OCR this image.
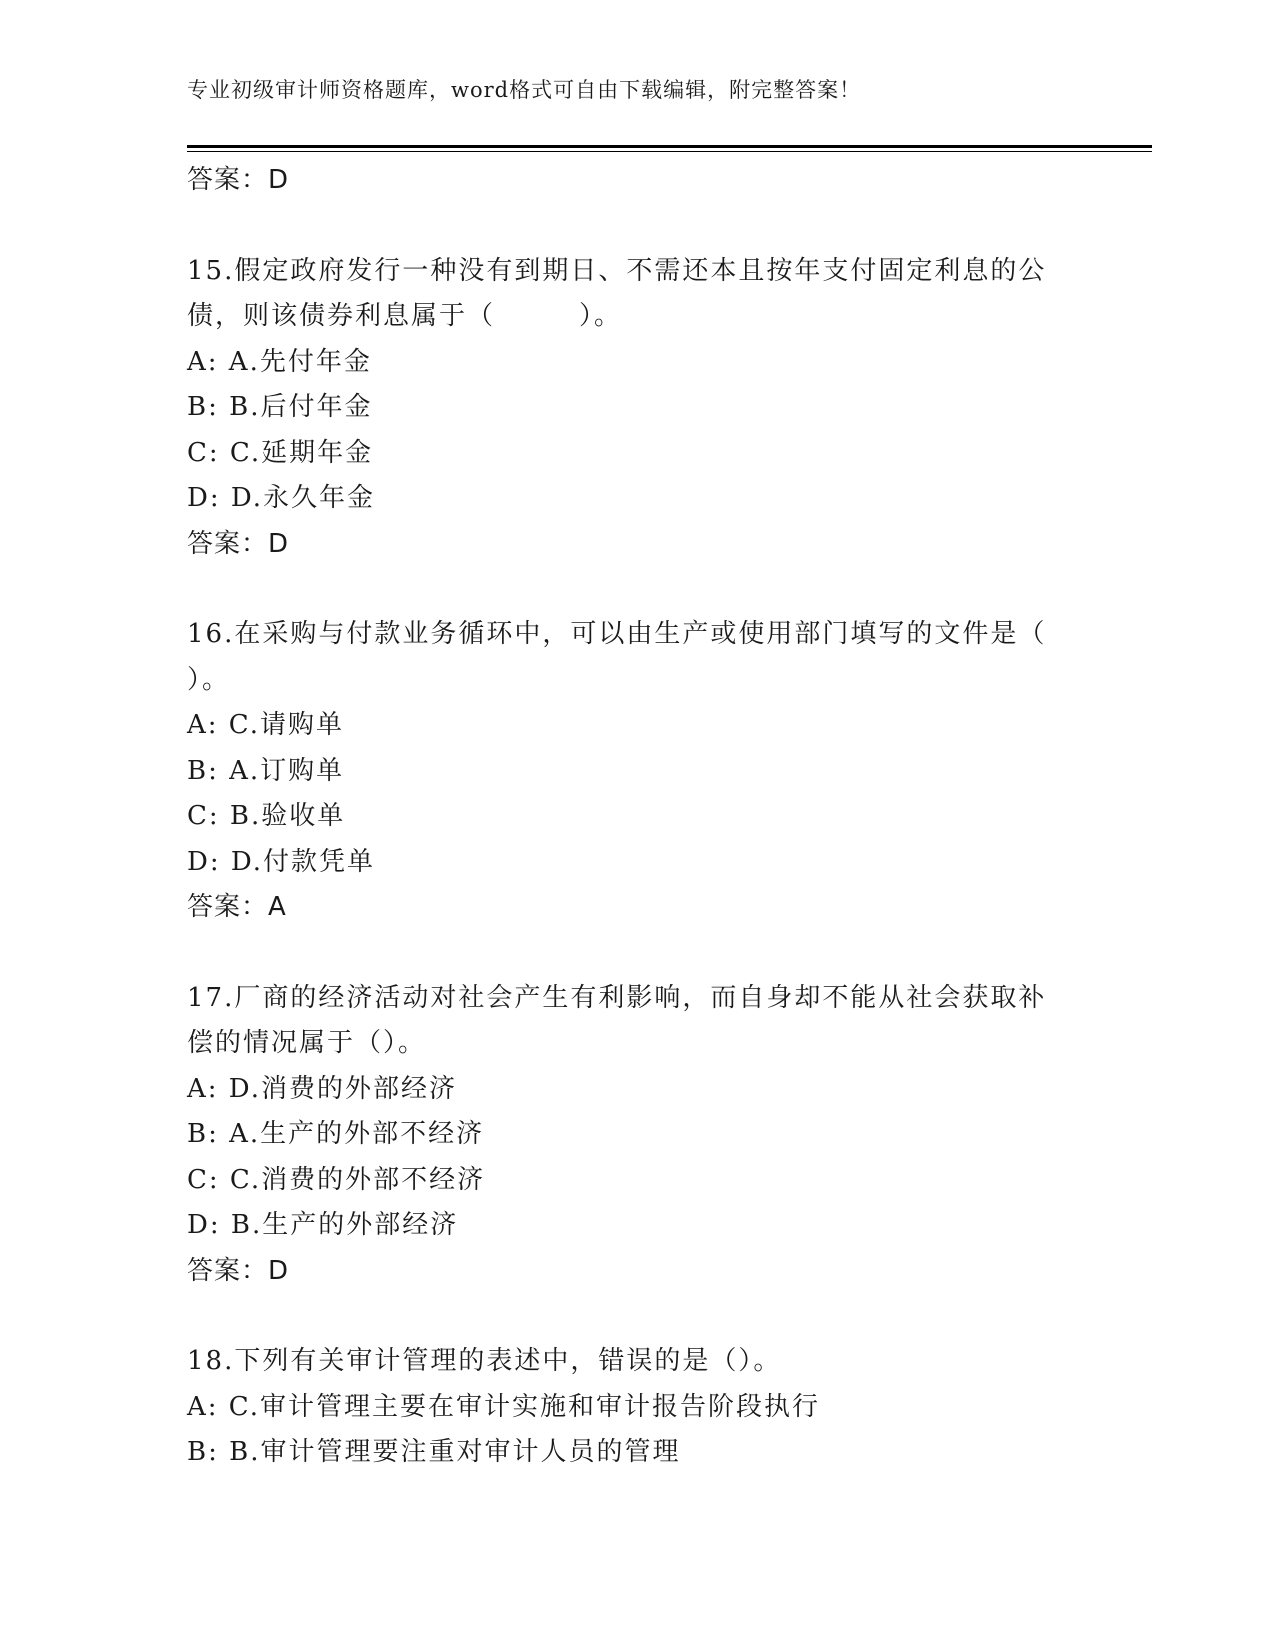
专业初级审计师资格题库，word格式可自由下载编辑，附完整答案！
答案：D
15.假定政府发行一种没有到期日、不需还本且按年支付固定利息的公
债，则该债券利息属于（　　　）。
A: A.先付年金
B: B.后付年金
C: C.延期年金
D: D.永久年金
答案：D
16.在采购与付款业务循环中，可以由生产或使用部门填写的文件是（
）。
A: C.请购单
B: A.订购单
C: B.验收单
D: D.付款凭单
答案：A
17.厂商的经济活动对社会产生有利影响，而自身却不能从社会获取补
偿的情况属于（）。
A: D.消费的外部经济
B: A.生产的外部不经济
C: C.消费的外部不经济
D: B.生产的外部经济
答案：D
18.下列有关审计管理的表述中，错误的是（）。
A: C.审计管理主要在审计实施和审计报告阶段执行
B: B.审计管理要注重对审计人员的管理
